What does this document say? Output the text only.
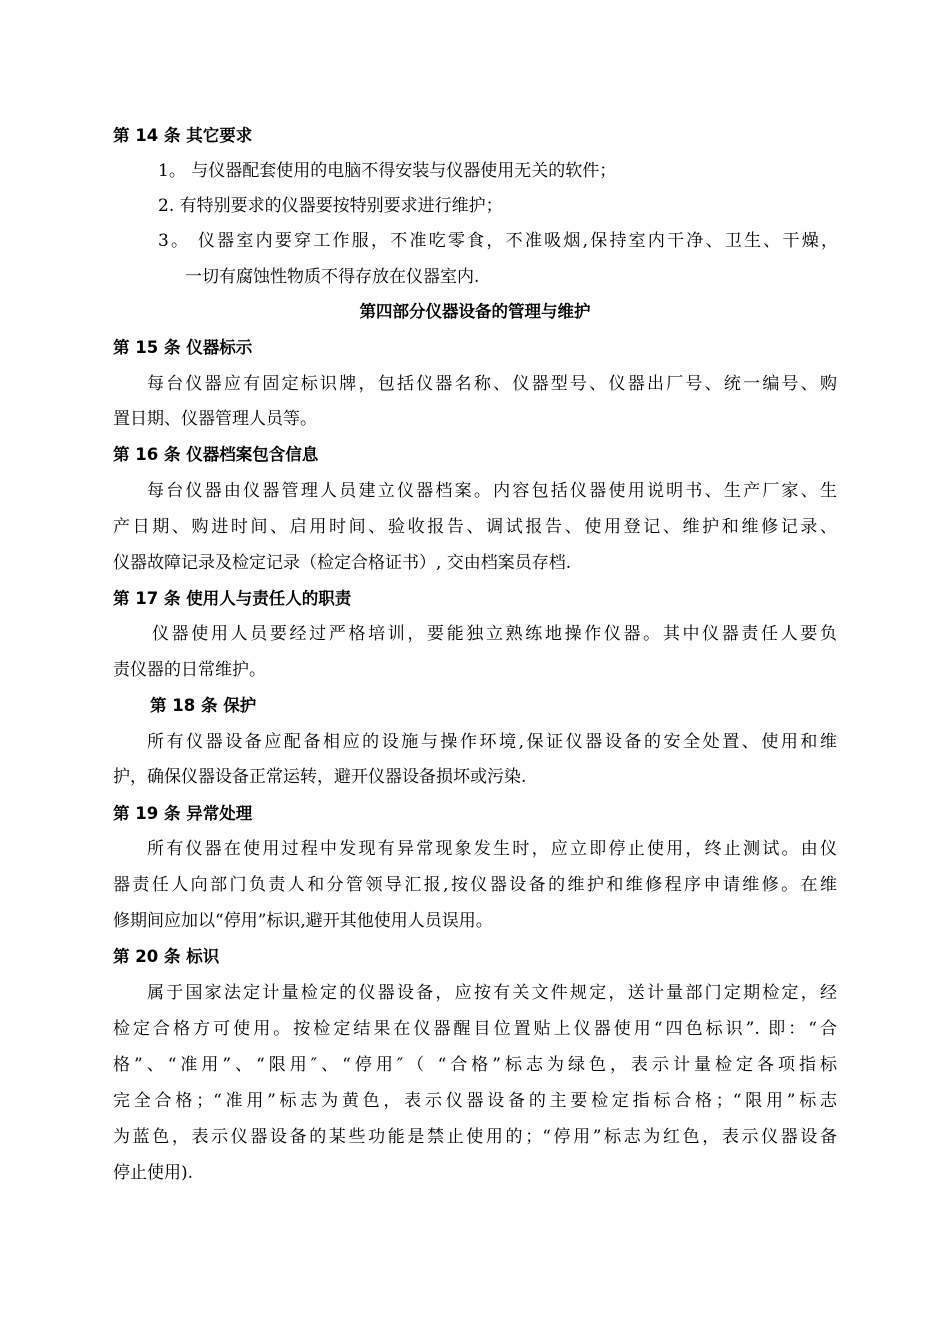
第 14 条 其它要求
1。 与仪器配套使用的电脑不得安装与仪器使用无关的软件；
2. 有特别要求的仪器要按特别要求进行维护；
3。 仪器室内要穿工作服，不准吃零食，不准吸烟,保持室内干净、卫生、干燥，
一切有腐蚀性物质不得存放在仪器室内.
第四部分仪器设备的管理与维护
第 15 条 仪器标示
每台仪器应有固定标识牌，包括仪器名称、仪器型号、仪器出厂号、统一编号、购
置日期、仪器管理人员等。
第 16 条 仪器档案包含信息
每台仪器由仪器管理人员建立仪器档案。内容包括仪器使用说明书、生产厂家、生
产日期、购进时间、启用时间、验收报告、调试报告、使用登记、维护和维修记录、
仪器故障记录及检定记录（检定合格证书）, 交由档案员存档.
第 17 条 使用人与责任人的职责
仪器使用人员要经过严格培训，要能独立熟练地操作仪器。其中仪器责任人要负
责仪器的日常维护。
第 18 条 保护
所有仪器设备应配备相应的设施与操作环境,保证仪器设备的安全处置、使用和维
护，确保仪器设备正常运转，避开仪器设备损坏或污染.
第 19 条 异常处理
所有仪器在使用过程中发现有异常现象发生时，应立即停止使用，终止测试。由仪
器责任人向部门负责人和分管领导汇报,按仪器设备的维护和维修程序申请维修。在维
修期间应加以“停用”标识,避开其他使用人员误用。
第 20 条 标识
属于国家法定计量检定的仪器设备，应按有关文件规定，送计量部门定期检定，经
检定合格方可使用。按检定结果在仪器醒目位置贴上仪器使用“四色标识”. 即：“合
格”、“准用”、“限用″、“停用″（ “合格”标志为绿色，表示计量检定各项指标
完全合格；“准用”标志为黄色，表示仪器设备的主要检定指标合格；“限用”标志
为蓝色，表示仪器设备的某些功能是禁止使用的；“停用”标志为红色，表示仪器设备
停止使用).
